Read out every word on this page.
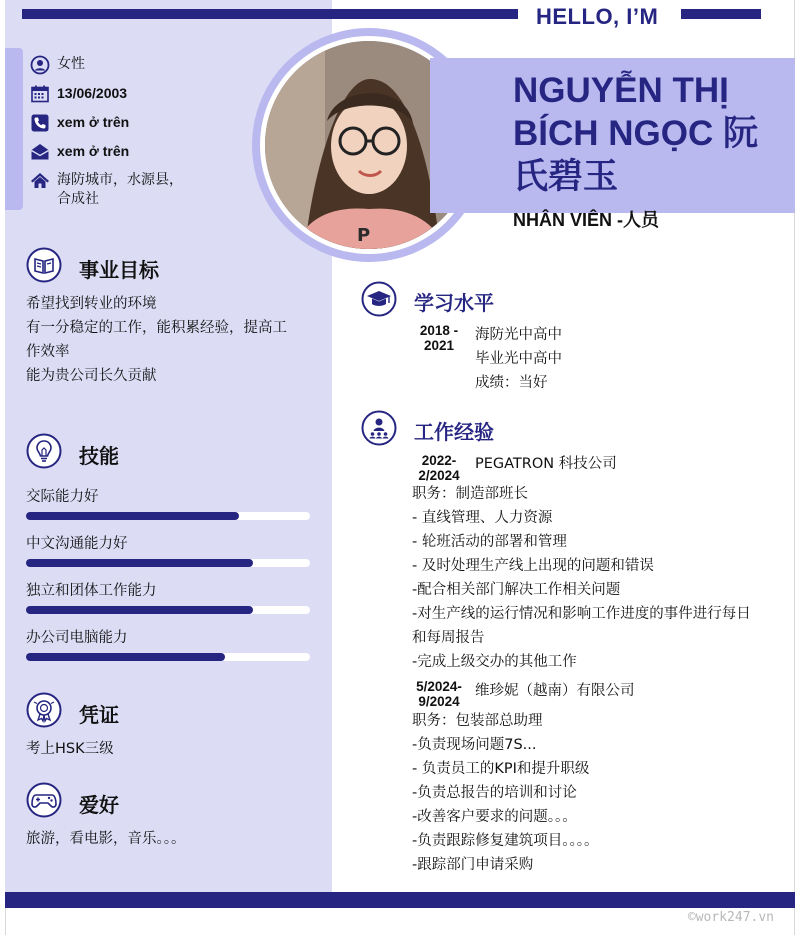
HELLO, I’M
女性
13/06/2003
xem ở trên
xem ở trên
海防城市，水源县，
合成社
P
NGUYỄN THỊ
BÍCH NGỌC 阮
氏碧玉
NHÂN VIÊN -人员
事业目标
希望找到转业的环境
有一分稳定的工作，能积累经验，提高工
作效率
能为贵公司长久贡献
技能
交际能力好
中文沟通能力好
独立和团体工作能力
办公司电脑能力
凭证
考上HSK三级
爱好
旅游，看电影，音乐。。。
学习水平
2018 -
2021
海防光中高中
毕业光中高中
成绩：当好
工作经验
2022-
2/2024
PEGATRON 科技公司
职务：制造部班长
- 直线管理、人力资源
- 轮班活动的部署和管理
- 及时处理生产线上出现的问题和错误
-配合相关部门解决工作相关问题
-对生产线的运行情况和影响工作进度的事件进行每日
和每周报告
-完成上级交办的其他工作
5/2024-
9/2024
维珍妮（越南）有限公司
职务：包装部总助理
-负责现场问题7S...
- 负责员工的KPI和提升职级
-负责总报告的培训和讨论
-改善客户要求的问题。。。
-负责跟踪修复建筑项目。。。。
-跟踪部门申请采购
©work247.vn
